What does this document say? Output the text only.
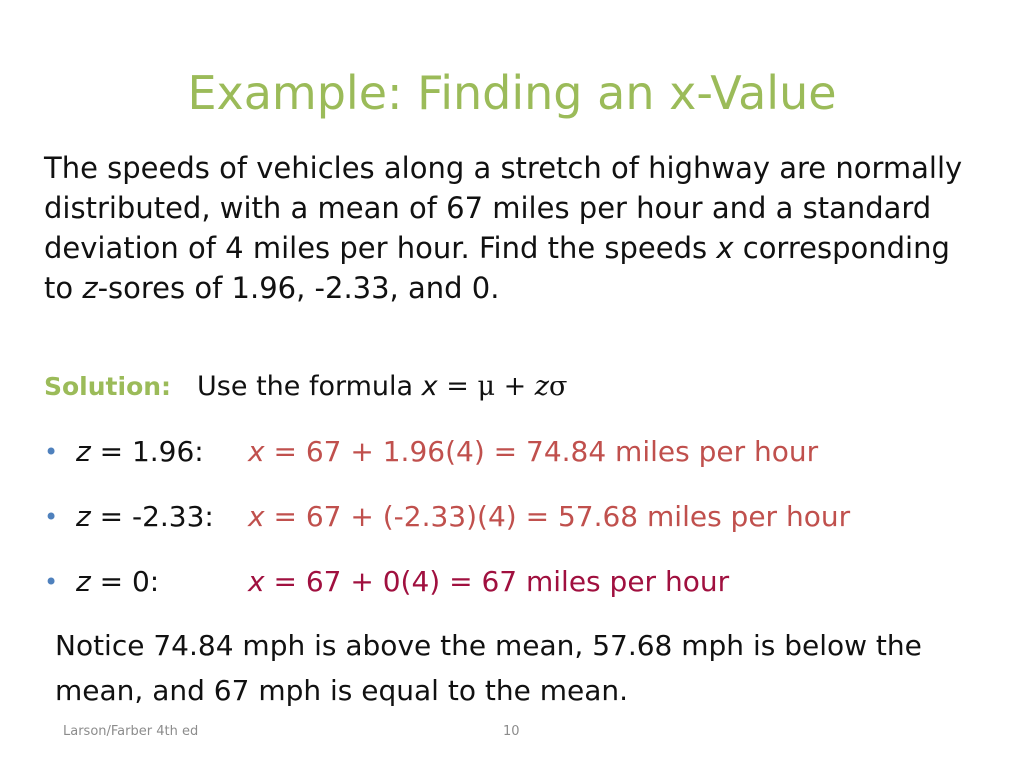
Example: Finding an x-Value
The speeds of vehicles along a stretch of highway are normally distributed, with a mean of 67 miles per hour and a standard deviation of 4 miles per hour. Find the speeds x corresponding to z-sores of 1.96, -2.33, and 0.
Solution: Use the formula x = μ + zσ
• z = 1.96: x = 67 + 1.96(4) = 74.84 miles per hour
• z = -2.33: x = 67 + (-2.33)(4) = 57.68 miles per hour
• z = 0:	x = 67 + 0(4) = 67 miles per hour
Notice 74.84 mph is above the mean, 57.68 mph is below the mean, and 67 mph is equal to the mean.
Larson/Farber 4th ed	10
